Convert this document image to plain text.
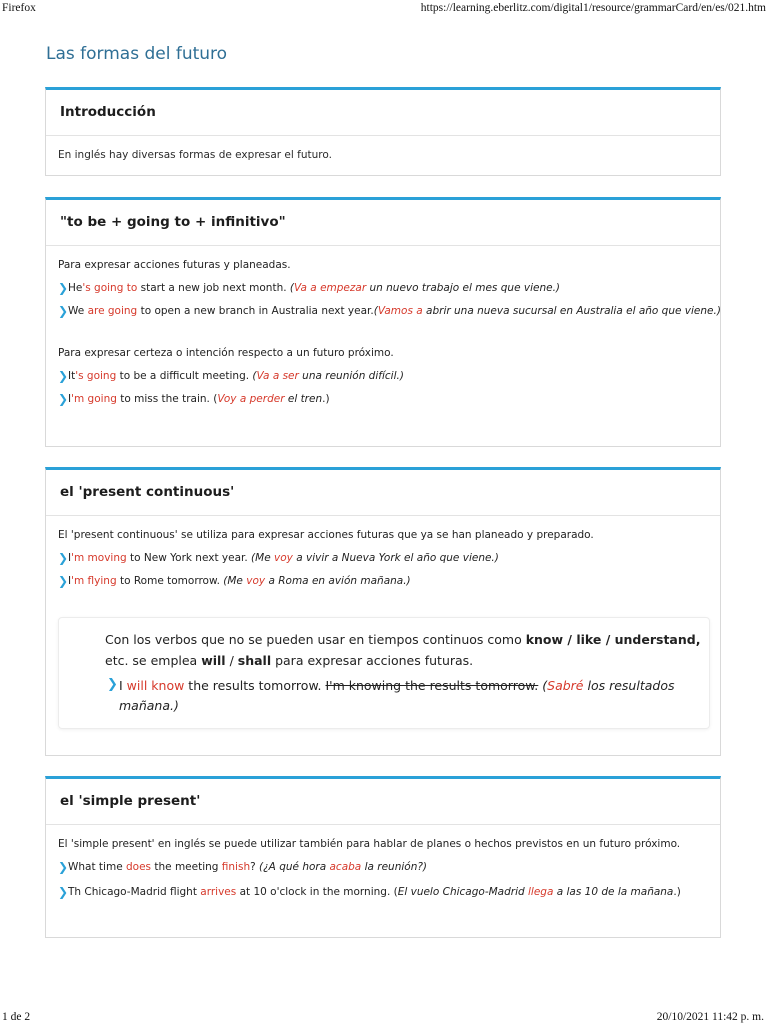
Firefox	https://learning.eberlitz.com/digital1/resource/grammarCard/en/es/021.htm
Las formas del futuro
Introducción
En inglés hay diversas formas de expresar el futuro.
"to be + going to + infinitivo"
Para expresar acciones futuras y planeadas.
❯ He's going to start a new job next month. (Va a empezar un nuevo trabajo el mes que viene.)
❯ We are going to open a new branch in Australia next year.(Vamos a abrir una nueva sucursal en Australia el año que viene.)
Para expresar certeza o intención respecto a un futuro próximo.
❯ It's going to be a difficult meeting. (Va a ser una reunión difícil.)
❯ I'm going to miss the train. (Voy a perder el tren.)
el 'present continuous'
El 'present continuous' se utiliza para expresar acciones futuras que ya se han planeado y preparado.
❯ I'm moving to New York next year. (Me voy a vivir a Nueva York el año que viene.)
❯ I'm flying to Rome tomorrow. (Me voy a Roma en avión mañana.)
Con los verbos que no se pueden usar en tiempos continuos como know / like / understand,
etc. se emplea will / shall para expresar acciones futuras.
❯ I will know the results tomorrow. I'm knowing the results tomorrow. (Sabré los resultados
mañana.)
el 'simple present'
El 'simple present' en inglés se puede utilizar también para hablar de planes o hechos previstos en un futuro próximo.
❯ What time does the meeting finish? (¿A qué hora acaba la reunión?)
❯ Th Chicago-Madrid flight arrives at 10 o'clock in the morning. (El vuelo Chicago-Madrid llega a las 10 de la mañana.)
1 de 2	20/10/2021 11:42 p. m.
